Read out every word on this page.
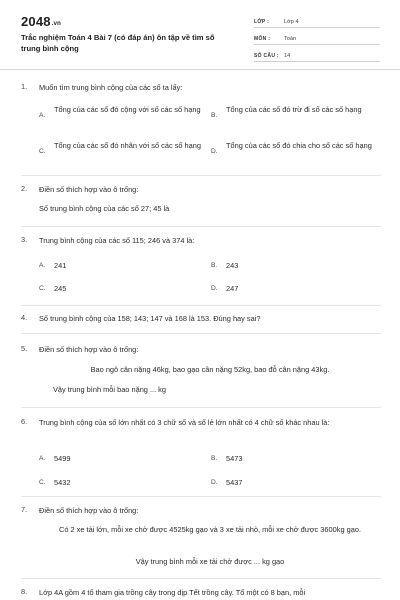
2048.vn
Trắc nghiệm Toán 4 Bài 7 (có đáp án) ôn tập về tìm số trung bình cộng
LỚP :	Lớp 4
MÔN :	Toán
SỐ CÂU : 14
1. Muốn tìm trung bình cộng của các số ta lấy:
A.
Tổng của các số đó cộng với số các số hạng
B.
Tổng của các số đó trừ đi số các số hạng
C.
Tổng của các số đó nhân với số các số hạng
D.
Tổng của các số đó chia cho số các số hạng
2. Điền số thích hợp vào ô trống:
Số trung bình cộng của các số 27; 45 là
3. Trung bình cộng của các số 115; 246 và 374 là:
A. 241	B. 243
C. 245	D. 247
4. Số trung bình cộng của 158; 143; 147 và 168 là 153. Đúng hay sai?
5. Điền số thích hợp vào ô trống:
Bao ngô cân nặng 46kg, bao gạo cân nặng 52kg, bao đỗ cân nặng 43kg.
Vậy trung bình mỗi bao nặng ... kg
6. Trung bình cộng của số lớn nhất có 3 chữ số và số lẻ lớn nhất có 4 chữ số khác nhau là:
A. 5499	B. 5473
C. 5432	D. 5437
7. Điền số thích hợp vào ô trống:
Có 2 xe tải lớn, mỗi xe chở được 4525kg gạo và 3 xe tải nhỏ, mỗi xe chở được 3600kg gạo.
Vậy trung bình mỗi xe tải chở được ... kg gạo
8. Lớp 4A gồm 4 tổ tham gia trồng cây trong dịp Tết trồng cây. Tổ một có 8 bạn, mỗi
